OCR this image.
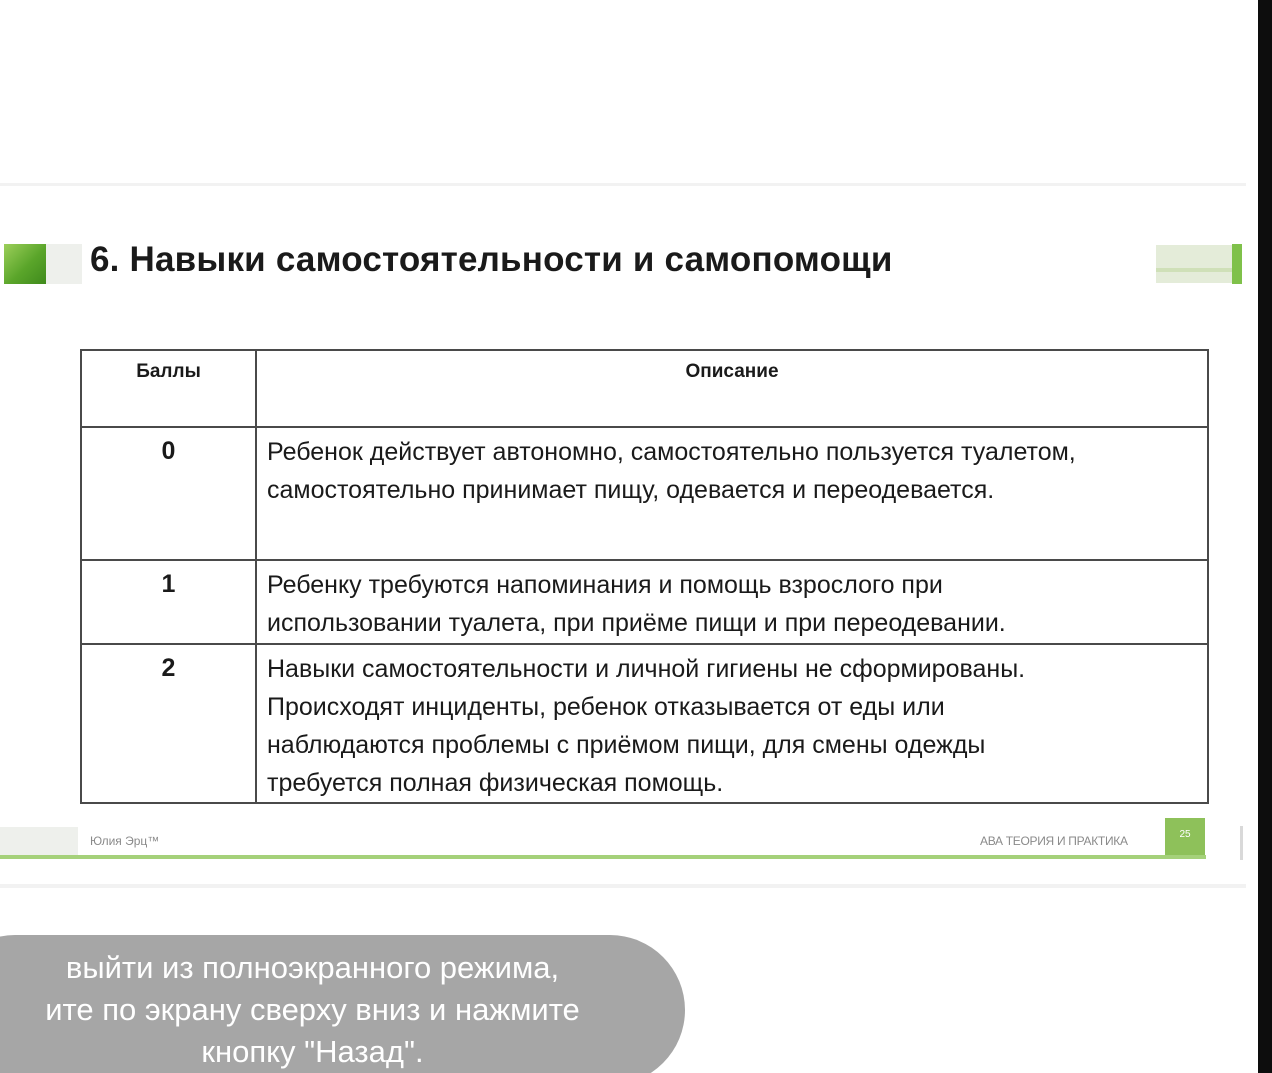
6. Навыки самостоятельности и самопомощи
Баллы	Описание
0	Ребенок действует автономно, самостоятельно пользуется туалетом,
самостоятельно принимает пищу, одевается и переодевается.

1	Ребенку требуются напоминания и помощь взрослого при
использовании туалета, при приёме пищи и при переодевании.

2	Навыки самостоятельности и личной гигиены не сформированы.
Происходят инциденты, ребенок отказывается от еды или
наблюдаются проблемы с приёмом пищи, для смены одежды
требуется полная физическая помощь.
Юлия Эрц™	АВА ТЕОРИЯ И ПРАКТИКА	25
выйти из полноэкранного режима,
ите по экрану сверху вниз и нажмите
кнопку "Назад".
